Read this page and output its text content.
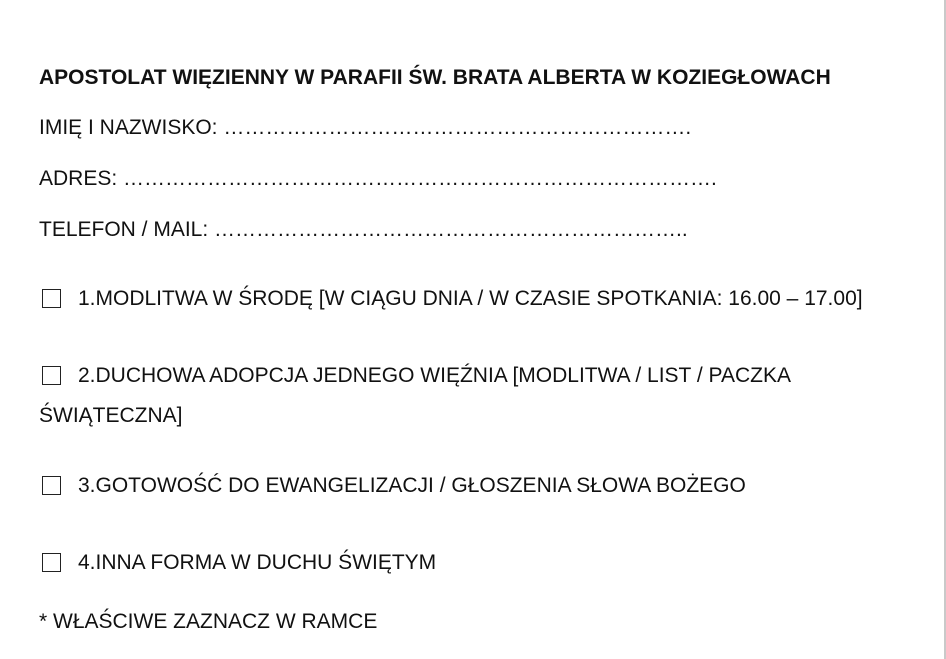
APOSTOLAT WIĘZIENNY W PARAFII ŚW. BRATA ALBERTA W KOZIEGŁOWACH
IMIĘ I NAZWISKO: ………………………………………………………….
ADRES: ………………………………………………………………………….
TELEFON / MAIL: …………………………………………………………..
1.MODLITWA W ŚRODĘ [W CIĄGU DNIA / W CZASIE SPOTKANIA: 16.00 – 17.00]
2.DUCHOWA ADOPCJA JEDNEGO WIĘŹNIA [MODLITWA / LIST / PACZKA
ŚWIĄTECZNA]
3.GOTOWOŚĆ DO EWANGELIZACJI / GŁOSZENIA SŁOWA BOŻEGO
4.INNA FORMA W DUCHU ŚWIĘTYM
* WŁAŚCIWE ZAZNACZ W RAMCE
